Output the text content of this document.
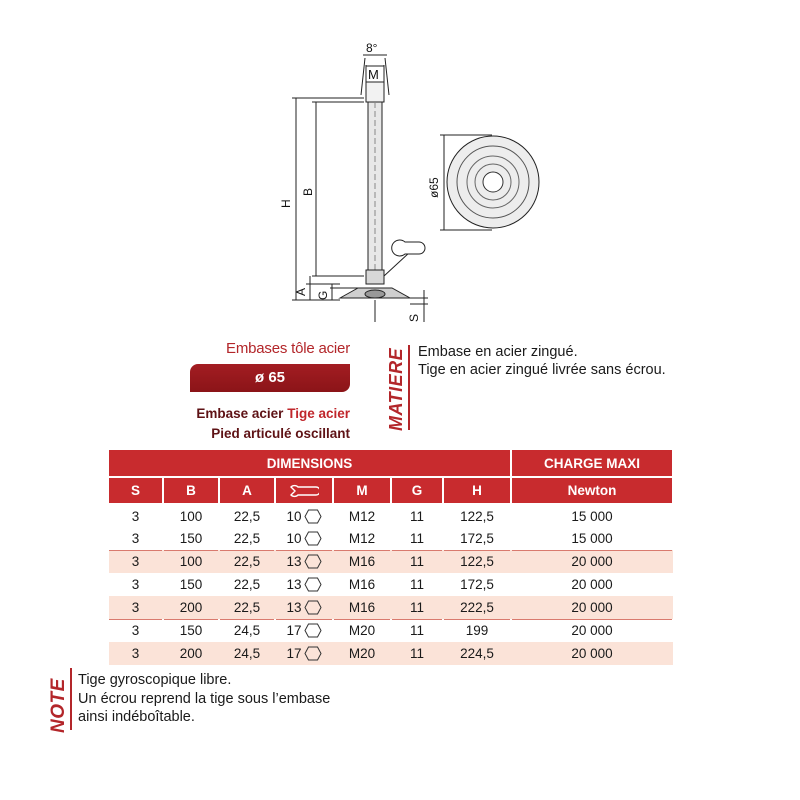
8°
M
H
B
A G
S
ø65
Embases tôle acier
ø 65
Embase acier Tige acier
Pied articulé oscillant
MATIERE Embase en acier zingué.
Tige en acier zingué livrée sans écrou.
DIMENSIONS							CHARGE MAXI
S	B	A		M	G	H	Newton
3	100	22,5	10	M12	11	122,5	15 000
3	150	22,5	10	M12	11	172,5	15 000
3	100	22,5	13	M16	11	122,5	20 000
3	150	22,5	13	M16	11	172,5	20 000
3	200	22,5	13	M16	11	222,5	20 000
3	150	24,5	17	M20	11	199	20 000
3	200	24,5	17	M20	11	224,5	20 000
NOTE Tige gyroscopique libre.
Un écrou reprend la tige sous l’embase
ainsi indéboîtable.
